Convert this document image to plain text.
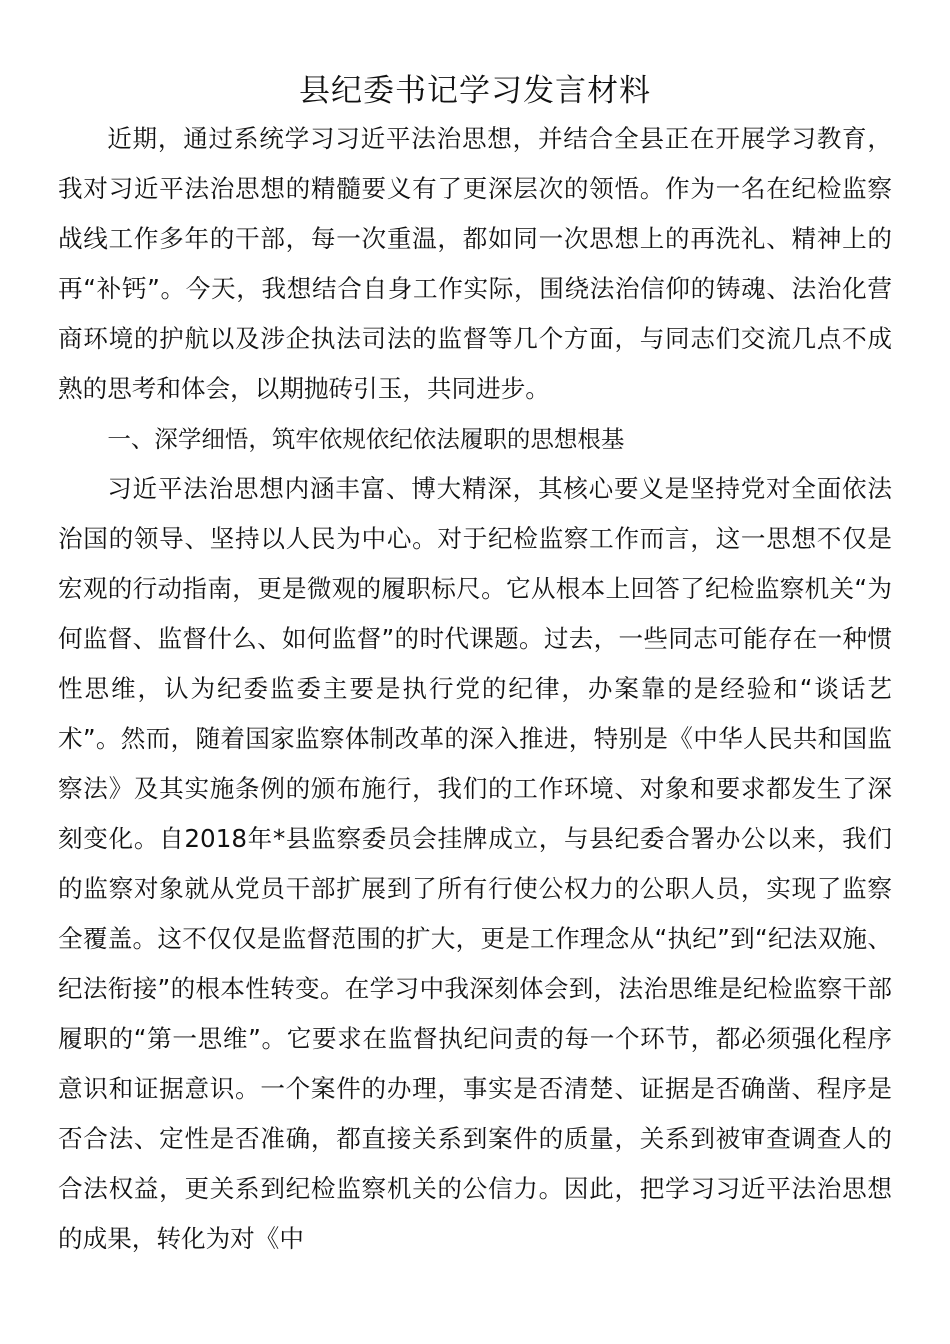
县纪委书记学习发言材料

近期，通过系统学习习近平法治思想，并结合全县正在开展学习教育，我对习近平法治思想的精髓要义有了更深层次的领悟。作为一名在纪检监察战线工作多年的干部，每一次重温，都如同一次思想上的再洗礼、精神上的再“补钙”。今天，我想结合自身工作实际，围绕法治信仰的铸魂、法治化营商环境的护航以及涉企执法司法的监督等几个方面，与同志们交流几点不成熟的思考和体会，以期抛砖引玉，共同进步。

一、深学细悟，筑牢依规依纪依法履职的思想根基

习近平法治思想内涵丰富、博大精深，其核心要义是坚持党对全面依法治国的领导、坚持以人民为中心。对于纪检监察工作而言，这一思想不仅是宏观的行动指南，更是微观的履职标尺。它从根本上回答了纪检监察机关“为何监督、监督什么、如何监督”的时代课题。过去，一些同志可能存在一种惯性思维，认为纪委监委主要是执行党的纪律，办案靠的是经验和“谈话艺术”。然而，随着国家监察体制改革的深入推进，特别是《中华人民共和国监察法》及其实施条例的颁布施行，我们的工作环境、对象和要求都发生了深刻变化。自2018年*县监察委员会挂牌成立，与县纪委合署办公以来，我们的监察对象就从党员干部扩展到了所有行使公权力的公职人员，实现了监察全覆盖。这不仅仅是监督范围的扩大，更是工作理念从“执纪”到“纪法双施、纪法衔接”的根本性转变。在学习中我深刻体会到，法治思维是纪检监察干部履职的“第一思维”。它要求在监督执纪问责的每一个环节，都必须强化程序意识和证据意识。一个案件的办理，事实是否清楚、证据是否确凿、程序是否合法、定性是否准确，都直接关系到案件的质量，关系到被审查调查人的合法权益，更关系到纪检监察机关的公信力。因此，把学习习近平法治思想的成果，转化为对《中
